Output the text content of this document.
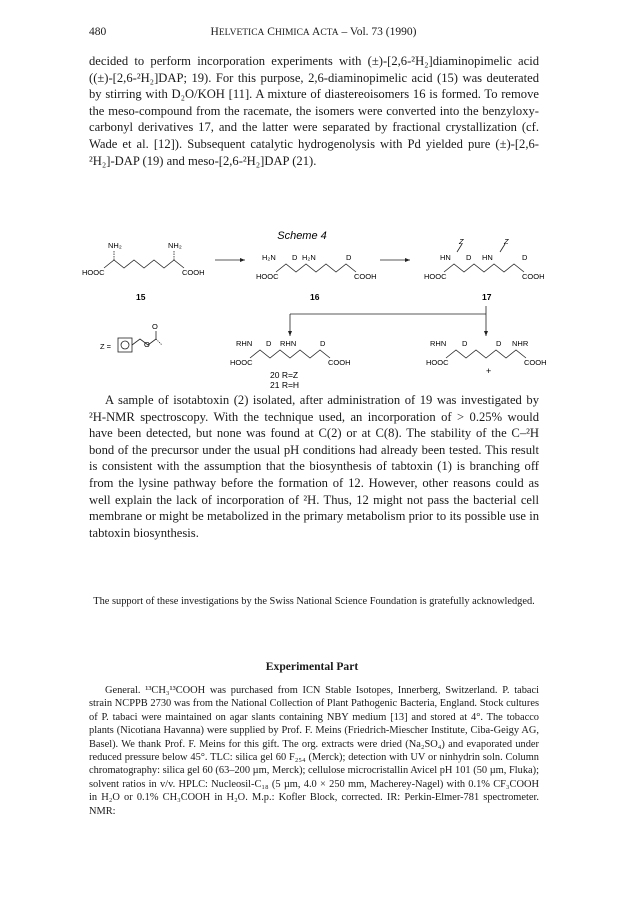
480	HELVETICA CHIMICA ACTA – Vol. 73 (1990)

decided to perform incorporation experiments with (±)-[2,6-²H₂]diaminopimelic acid ((±)-[2,6-²H₂]DAP; 19). For this purpose, 2,6-diaminopimelic acid (15) was deuterated by stirring with D₂O/KOH [11]. A mixture of diastereoisomers 16 is formed. To remove the meso-compound from the racemate, the isomers were converted into the benzyloxy-carbonyl derivatives 17, and the latter were separated by fractional crystallization (cf. Wade et al. [12]). Subsequent catalytic hydrogenolysis with Pd yielded pure (±)-[2,6-²H₂]-DAP (19) and meso-[2,6-²H₂]DAP (21).

Scheme 4
NH₂	NH₂
HOOC	COOH
15
H₂N D H₂N	D
HOOC	COOH
16
Z	Z
HN D HN	D
HOOC	COOH
17
Z =
O
O	RHN D RHN	D
HOOC	COOH
20 R=Z
21 R=H
RHN D	D NHR
HOOC	COOH
+

A sample of isotabtoxin (2) isolated, after administration of 19 was investigated by ²H-NMR spectroscopy. With the technique used, an incorporation of > 0.25% would have been detected, but none was found at C(2) or at C(8). The stability of the C–²H bond of the precursor under the usual pH conditions had already been tested. This result is consistent with the assumption that the biosynthesis of tabtoxin (1) is branching off from the lysine pathway before the formation of 12. However, other reasons could as well explain the lack of incorporation of ²H. Thus, 12 might not pass the bacterial cell membrane or might be metabolized in the primary metabolism prior to its possible use in tabtoxin biosynthesis.

The support of these investigations by the Swiss National Science Foundation is gratefully acknowledged.

Experimental Part

General. ¹³CH₃¹³COOH was purchased from ICN Stable Isotopes, Innerberg, Switzerland. P. tabaci strain NCPPB 2730 was from the National Collection of Plant Pathogenic Bacteria, England. Stock cultures of P. tabaci were maintained on agar slants containing NBY medium [13] and stored at 4°. The tobacco plants (Nicotiana Havanna) were supplied by Prof. F. Meins (Friedrich-Miescher Institute, Ciba-Geigy AG, Basel). We thank Prof. F. Meins for this gift. The org. extracts were dried (Na₂SO₄) and evaporated under reduced pressure below 45°. TLC: silica gel 60 F₂₅₄ (Merck); detection with UV or ninhydrin soln. Column chromatography: silica gel 60 (63–200 µm, Merck); cellulose microcristallin Avicel pH 101 (50 µm, Fluka); solvent ratios in v/v. HPLC: Nucleosil-C₁₈ (5 µm, 4.0 × 250 mm, Macherey-Nagel) with 0.1% CF₃COOH in H₂O or 0.1% CH₃COOH in H₂O. M.p.: Kofler Block, corrected. IR: Perkin-Elmer-781 spectrometer. NMR:
